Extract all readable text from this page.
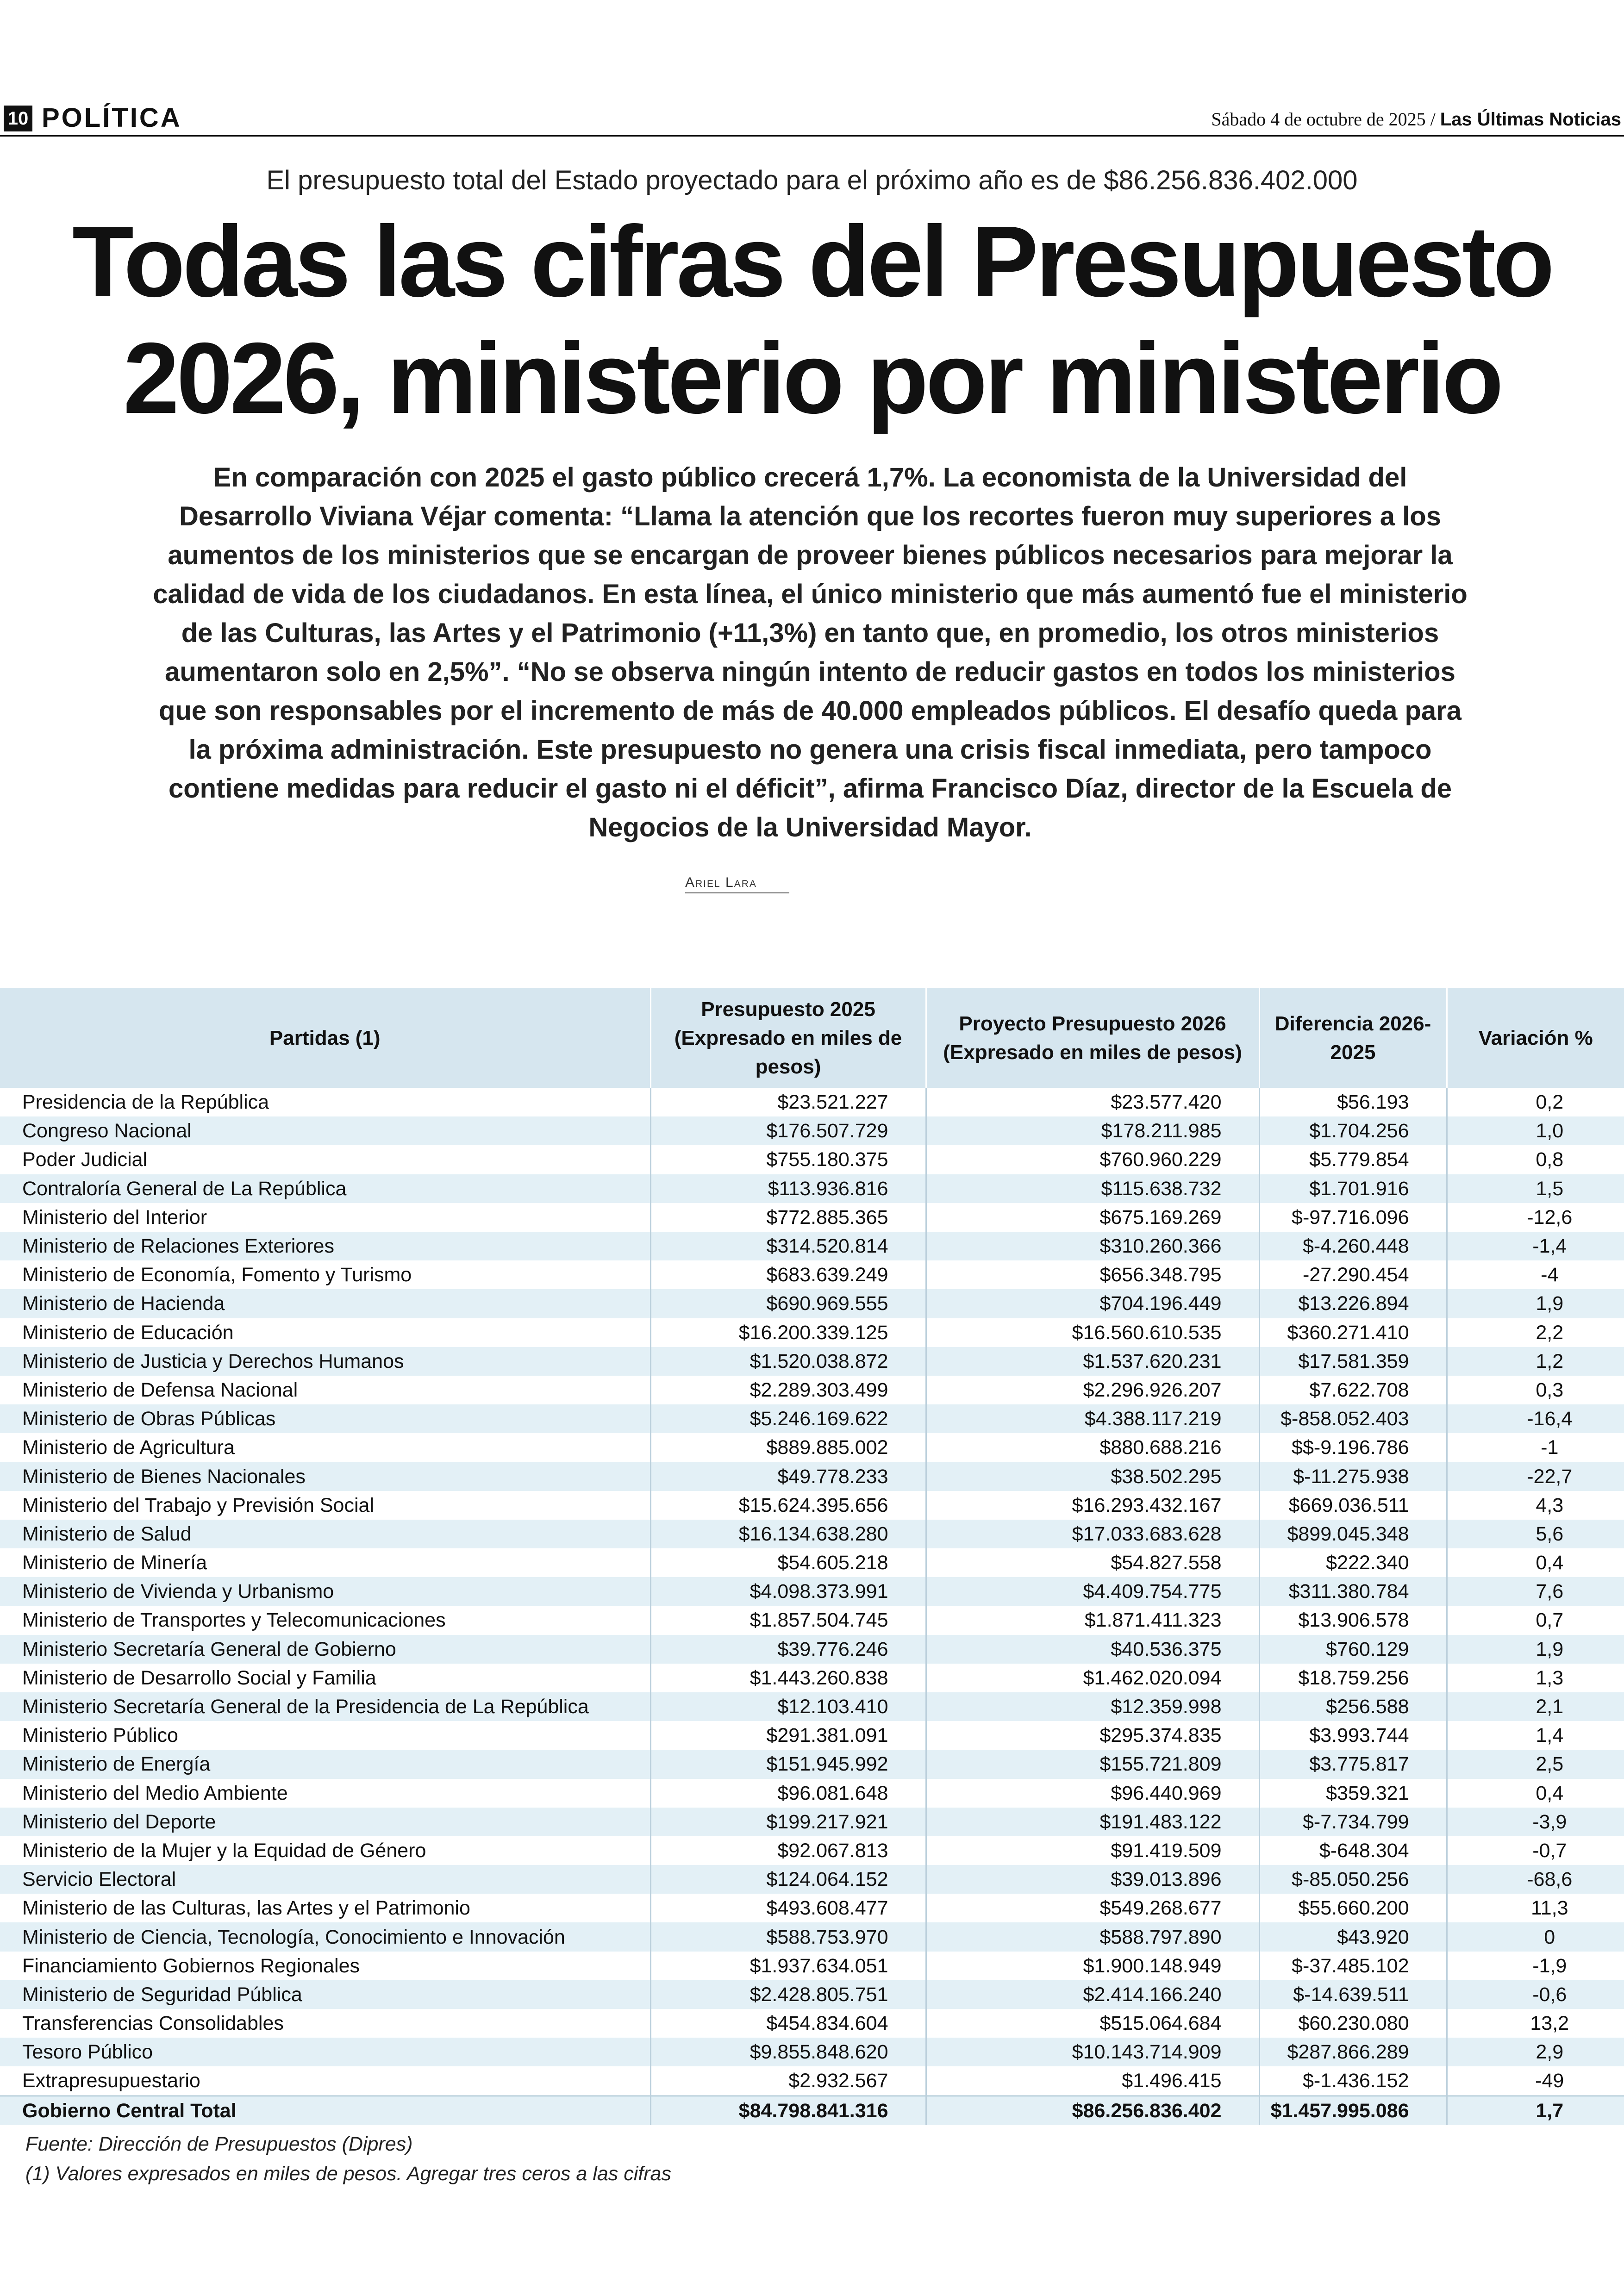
10 POLÍTICA	Sábado 4 de octubre de 2025 / Las Últimas Noticias
El presupuesto total del Estado proyectado para el próximo año es de $86.256.836.402.000
Todas las cifras del Presupuesto 2026, ministerio por ministerio
En comparación con 2025 el gasto público crecerá 1,7%. La economista de la Universidad del Desarrollo Viviana Véjar comenta: “Llama la atención que los recortes fueron muy superiores a los aumentos de los ministerios que se encargan de proveer bienes públicos necesarios para mejorar la calidad de vida de los ciudadanos. En esta línea, el único ministerio que más aumentó fue el ministerio de las Culturas, las Artes y el Patrimonio (+11,3%) en tanto que, en promedio, los otros ministerios aumentaron solo en 2,5%”. “No se observa ningún intento de reducir gastos en todos los ministerios que son responsables por el incremento de más de 40.000 empleados públicos. El desafío queda para la próxima administración. Este presupuesto no genera una crisis fiscal inmediata, pero tampoco contiene medidas para reducir el gasto ni el déficit”, afirma Francisco Díaz, director de la Escuela de Negocios de la Universidad Mayor.
Ariel Lara
Partidas (1)	Presupuesto 2025 (Expresado en miles de pesos)	Proyecto Presupuesto 2026 (Expresado en miles de pesos)	Diferencia 2026-2025	Variación %
Presidencia de la República	$23.521.227	$23.577.420	$56.193	0,2
Congreso Nacional	$176.507.729	$178.211.985	$1.704.256	1,0
Poder Judicial	$755.180.375	$760.960.229	$5.779.854	0,8
Contraloría General de La República	$113.936.816	$115.638.732	$1.701.916	1,5
Ministerio del Interior	$772.885.365	$675.169.269	$-97.716.096	-12,6
Ministerio de Relaciones Exteriores	$314.520.814	$310.260.366	$-4.260.448	-1,4
Ministerio de Economía, Fomento y Turismo	$683.639.249	$656.348.795	-27.290.454	-4
Ministerio de Hacienda	$690.969.555	$704.196.449	$13.226.894	1,9
Ministerio de Educación	$16.200.339.125	$16.560.610.535	$360.271.410	2,2
Ministerio de Justicia y Derechos Humanos	$1.520.038.872	$1.537.620.231	$17.581.359	1,2
Ministerio de Defensa Nacional	$2.289.303.499	$2.296.926.207	$7.622.708	0,3
Ministerio de Obras Públicas	$5.246.169.622	$4.388.117.219	$-858.052.403	-16,4
Ministerio de Agricultura	$889.885.002	$880.688.216	$$-9.196.786	-1
Ministerio de Bienes Nacionales	$49.778.233	$38.502.295	$-11.275.938	-22,7
Ministerio del Trabajo y Previsión Social	$15.624.395.656	$16.293.432.167	$669.036.511	4,3
Ministerio de Salud	$16.134.638.280	$17.033.683.628	$899.045.348	5,6
Ministerio de Minería	$54.605.218	$54.827.558	$222.340	0,4
Ministerio de Vivienda y Urbanismo	$4.098.373.991	$4.409.754.775	$311.380.784	7,6
Ministerio de Transportes y Telecomunicaciones	$1.857.504.745	$1.871.411.323	$13.906.578	0,7
Ministerio Secretaría General de Gobierno	$39.776.246	$40.536.375	$760.129	1,9
Ministerio de Desarrollo Social y Familia	$1.443.260.838	$1.462.020.094	$18.759.256	1,3
Ministerio Secretaría General de la Presidencia de La República	$12.103.410	$12.359.998	$256.588	2,1
Ministerio Público	$291.381.091	$295.374.835	$3.993.744	1,4
Ministerio de Energía	$151.945.992	$155.721.809	$3.775.817	2,5
Ministerio del Medio Ambiente	$96.081.648	$96.440.969	$359.321	0,4
Ministerio del Deporte	$199.217.921	$191.483.122	$-7.734.799	-3,9
Ministerio de la Mujer y la Equidad de Género	$92.067.813	$91.419.509	$-648.304	-0,7
Servicio Electoral	$124.064.152	$39.013.896	$-85.050.256	-68,6
Ministerio de las Culturas, las Artes y el Patrimonio	$493.608.477	$549.268.677	$55.660.200	11,3
Ministerio de Ciencia, Tecnología, Conocimiento e Innovación	$588.753.970	$588.797.890	$43.920	0
Financiamiento Gobiernos Regionales	$1.937.634.051	$1.900.148.949	$-37.485.102	-1,9
Ministerio de Seguridad Pública	$2.428.805.751	$2.414.166.240	$-14.639.511	-0,6
Transferencias Consolidables	$454.834.604	$515.064.684	$60.230.080	13,2
Tesoro Público	$9.855.848.620	$10.143.714.909	$287.866.289	2,9
Extrapresupuestario	$2.932.567	$1.496.415	$-1.436.152	-49
Gobierno Central Total	$84.798.841.316	$86.256.836.402	$1.457.995.086	1,7
Fuente: Dirección de Presupuestos (Dipres)
(1) Valores expresados en miles de pesos. Agregar tres ceros a las cifras
